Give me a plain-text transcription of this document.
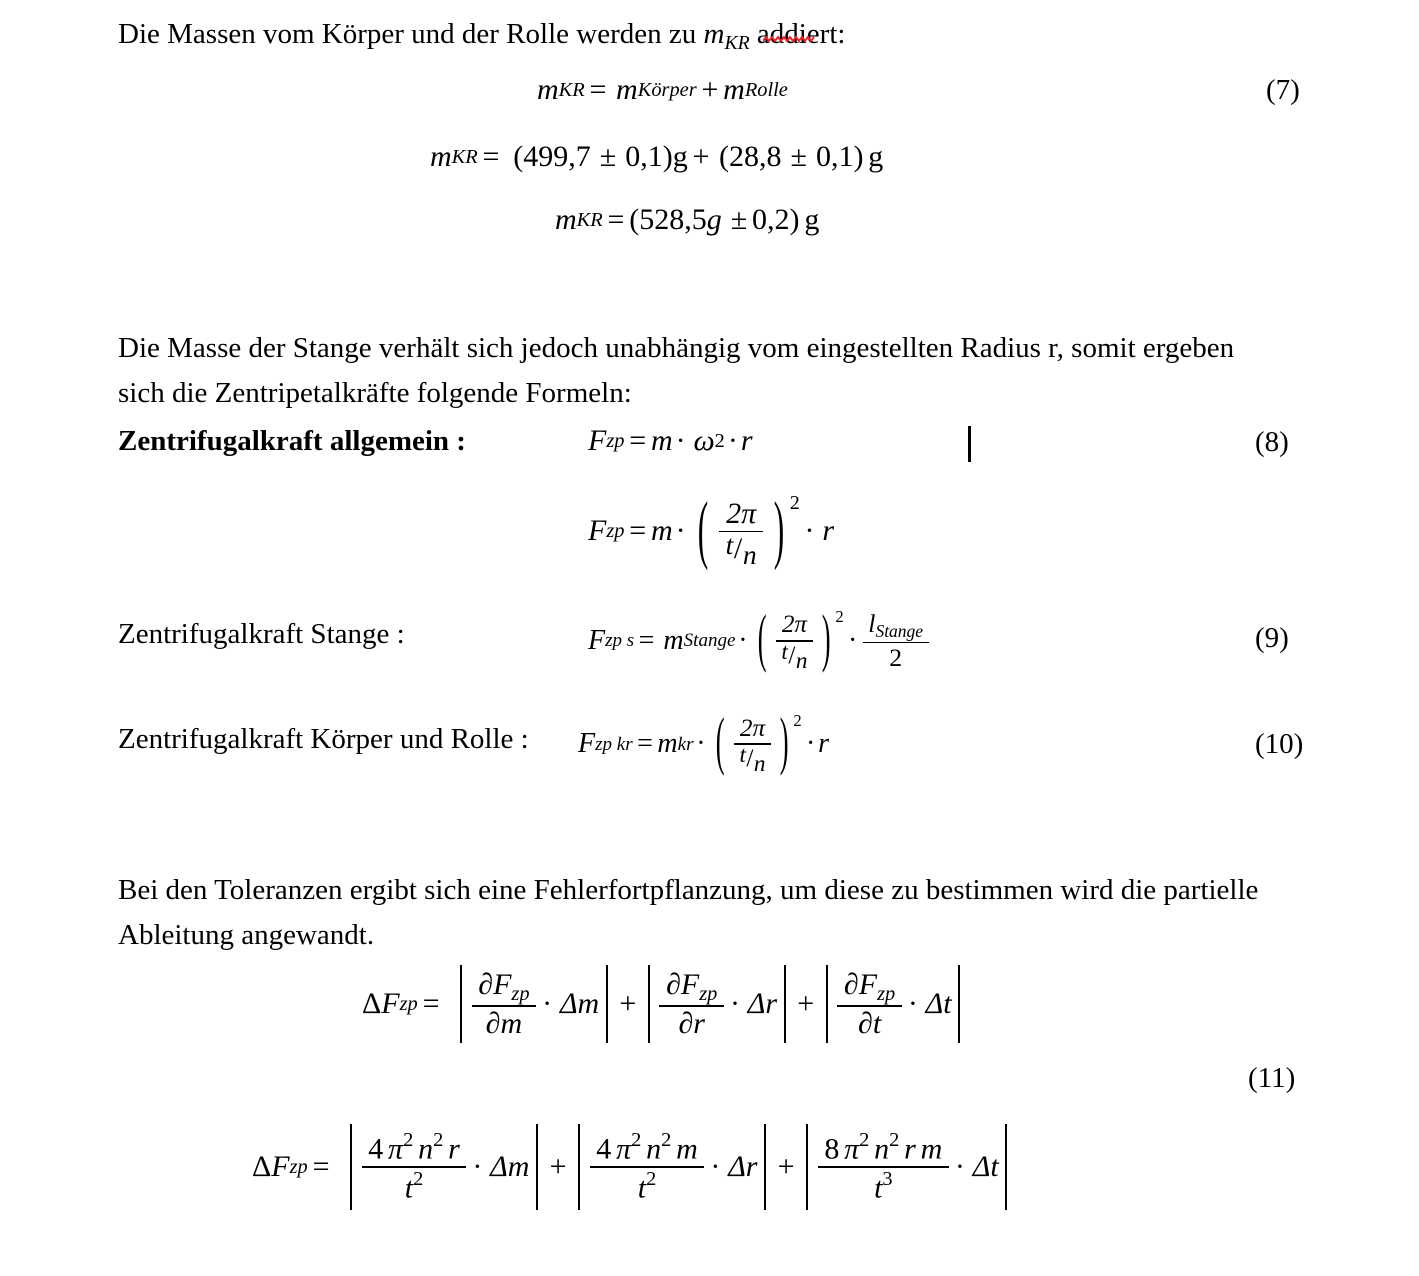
Die Massen vom Körper und der Rolle werden zu mKR addiert:
m KR = m Körper + m Rolle	(7)
m KR = ( 499,7 ± 0,1 ) g + ( 28,8 ± 0,1 ) g
m KR = ( 528,5 g ± 0,2 ) g
Die Masse der Stange verhält sich jedoch unabhängig vom eingestellten Radius r, somit ergeben sich die Zentripetalkräfte folgende Formeln:
Zentrifugalkraft allgemein :	F zp = m · ω 2 · r	(8)
F zp = m · ( $\frac{2\pi}{t / n}$ ) 2
· r
Zentrifugalkraft Stange :	F zp s = m Stange · ( $\frac{2\pi}{t / n}$ ) 2
· $\frac{\text{lStange}}{2}$	(9)
Zentrifugalkraft Körper und Rolle : F zp kr = m kr · ( $\frac{2\pi}{t / n}$ ) 2
· r	(10)
Bei den Toleranzen ergibt sich eine Fehlerfortpflanzung, um diese zu bestimmen wird die partielle Ableitung angewandt.
Δ F zp = $\frac{\text{∂Fzp}}{\partial m} \cdot \Delta m + \frac{\text{∂Fzp}}{\partial r} \cdot \Delta r + \frac{\text{∂Fzp}}{\partial t} \cdot \Delta t$
(11)
Δ F zp = $\frac{4 \pi 2 n2 r}{t2} \cdot \Delta m + \frac{4 \pi 2 n2 m}{t2} \cdot \Delta r + \frac{\text{8 π2 n2 r m}}{t3} \cdot \Delta t$
